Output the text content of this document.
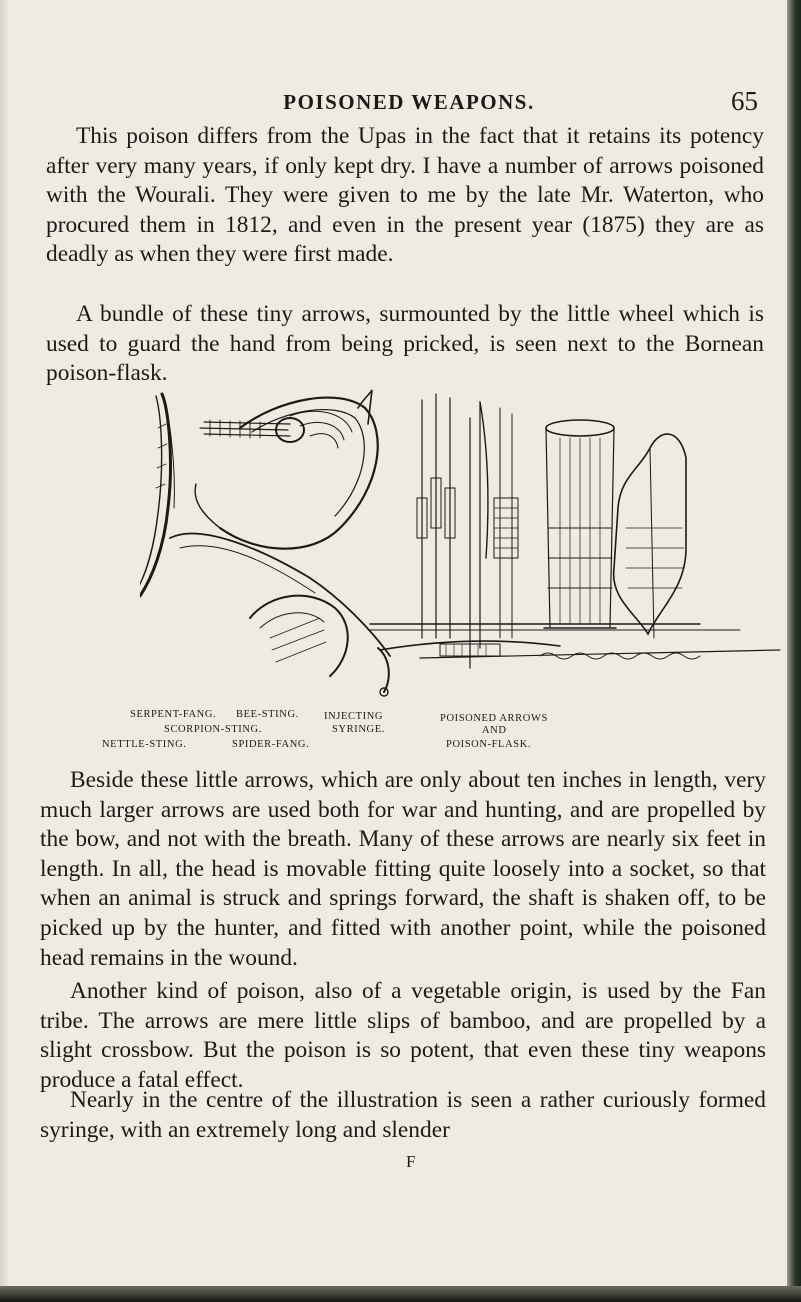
POISONED WEAPONS.	65

This poison differs from the Upas in the fact that it retains its potency after very many years, if only kept dry. I have a number of arrows poisoned with the Wourali. They were given to me by the late Mr. Waterton, who procured them in 1812, and even in the present year (1875) they are as deadly as when they were first made.

A bundle of these tiny arrows, surmounted by the little wheel which is used to guard the hand from being pricked, is seen next to the Bornean poison-flask.

SERPENT-FANG. BEE-STING. INJECTING	POISONED ARROWS
SCORPION-STING.	SYRINGE.	AND
NETTLE-STING.	SPIDER-FANG.	POISON-FLASK.

Beside these little arrows, which are only about ten inches in length, very much larger arrows are used both for war and hunting, and are propelled by the bow, and not with the breath. Many of these arrows are nearly six feet in length. In all, the head is movable fitting quite loosely into a socket, so that when an animal is struck and springs forward, the shaft is shaken off, to be picked up by the hunter, and fitted with another point, while the poisoned head remains in the wound.

Another kind of poison, also of a vegetable origin, is used by the Fan tribe. The arrows are mere little slips of bamboo, and are propelled by a slight crossbow. But the poison is so potent, that even these tiny weapons produce a fatal effect.

Nearly in the centre of the illustration is seen a rather curiously formed syringe, with an extremely long and slender

F
